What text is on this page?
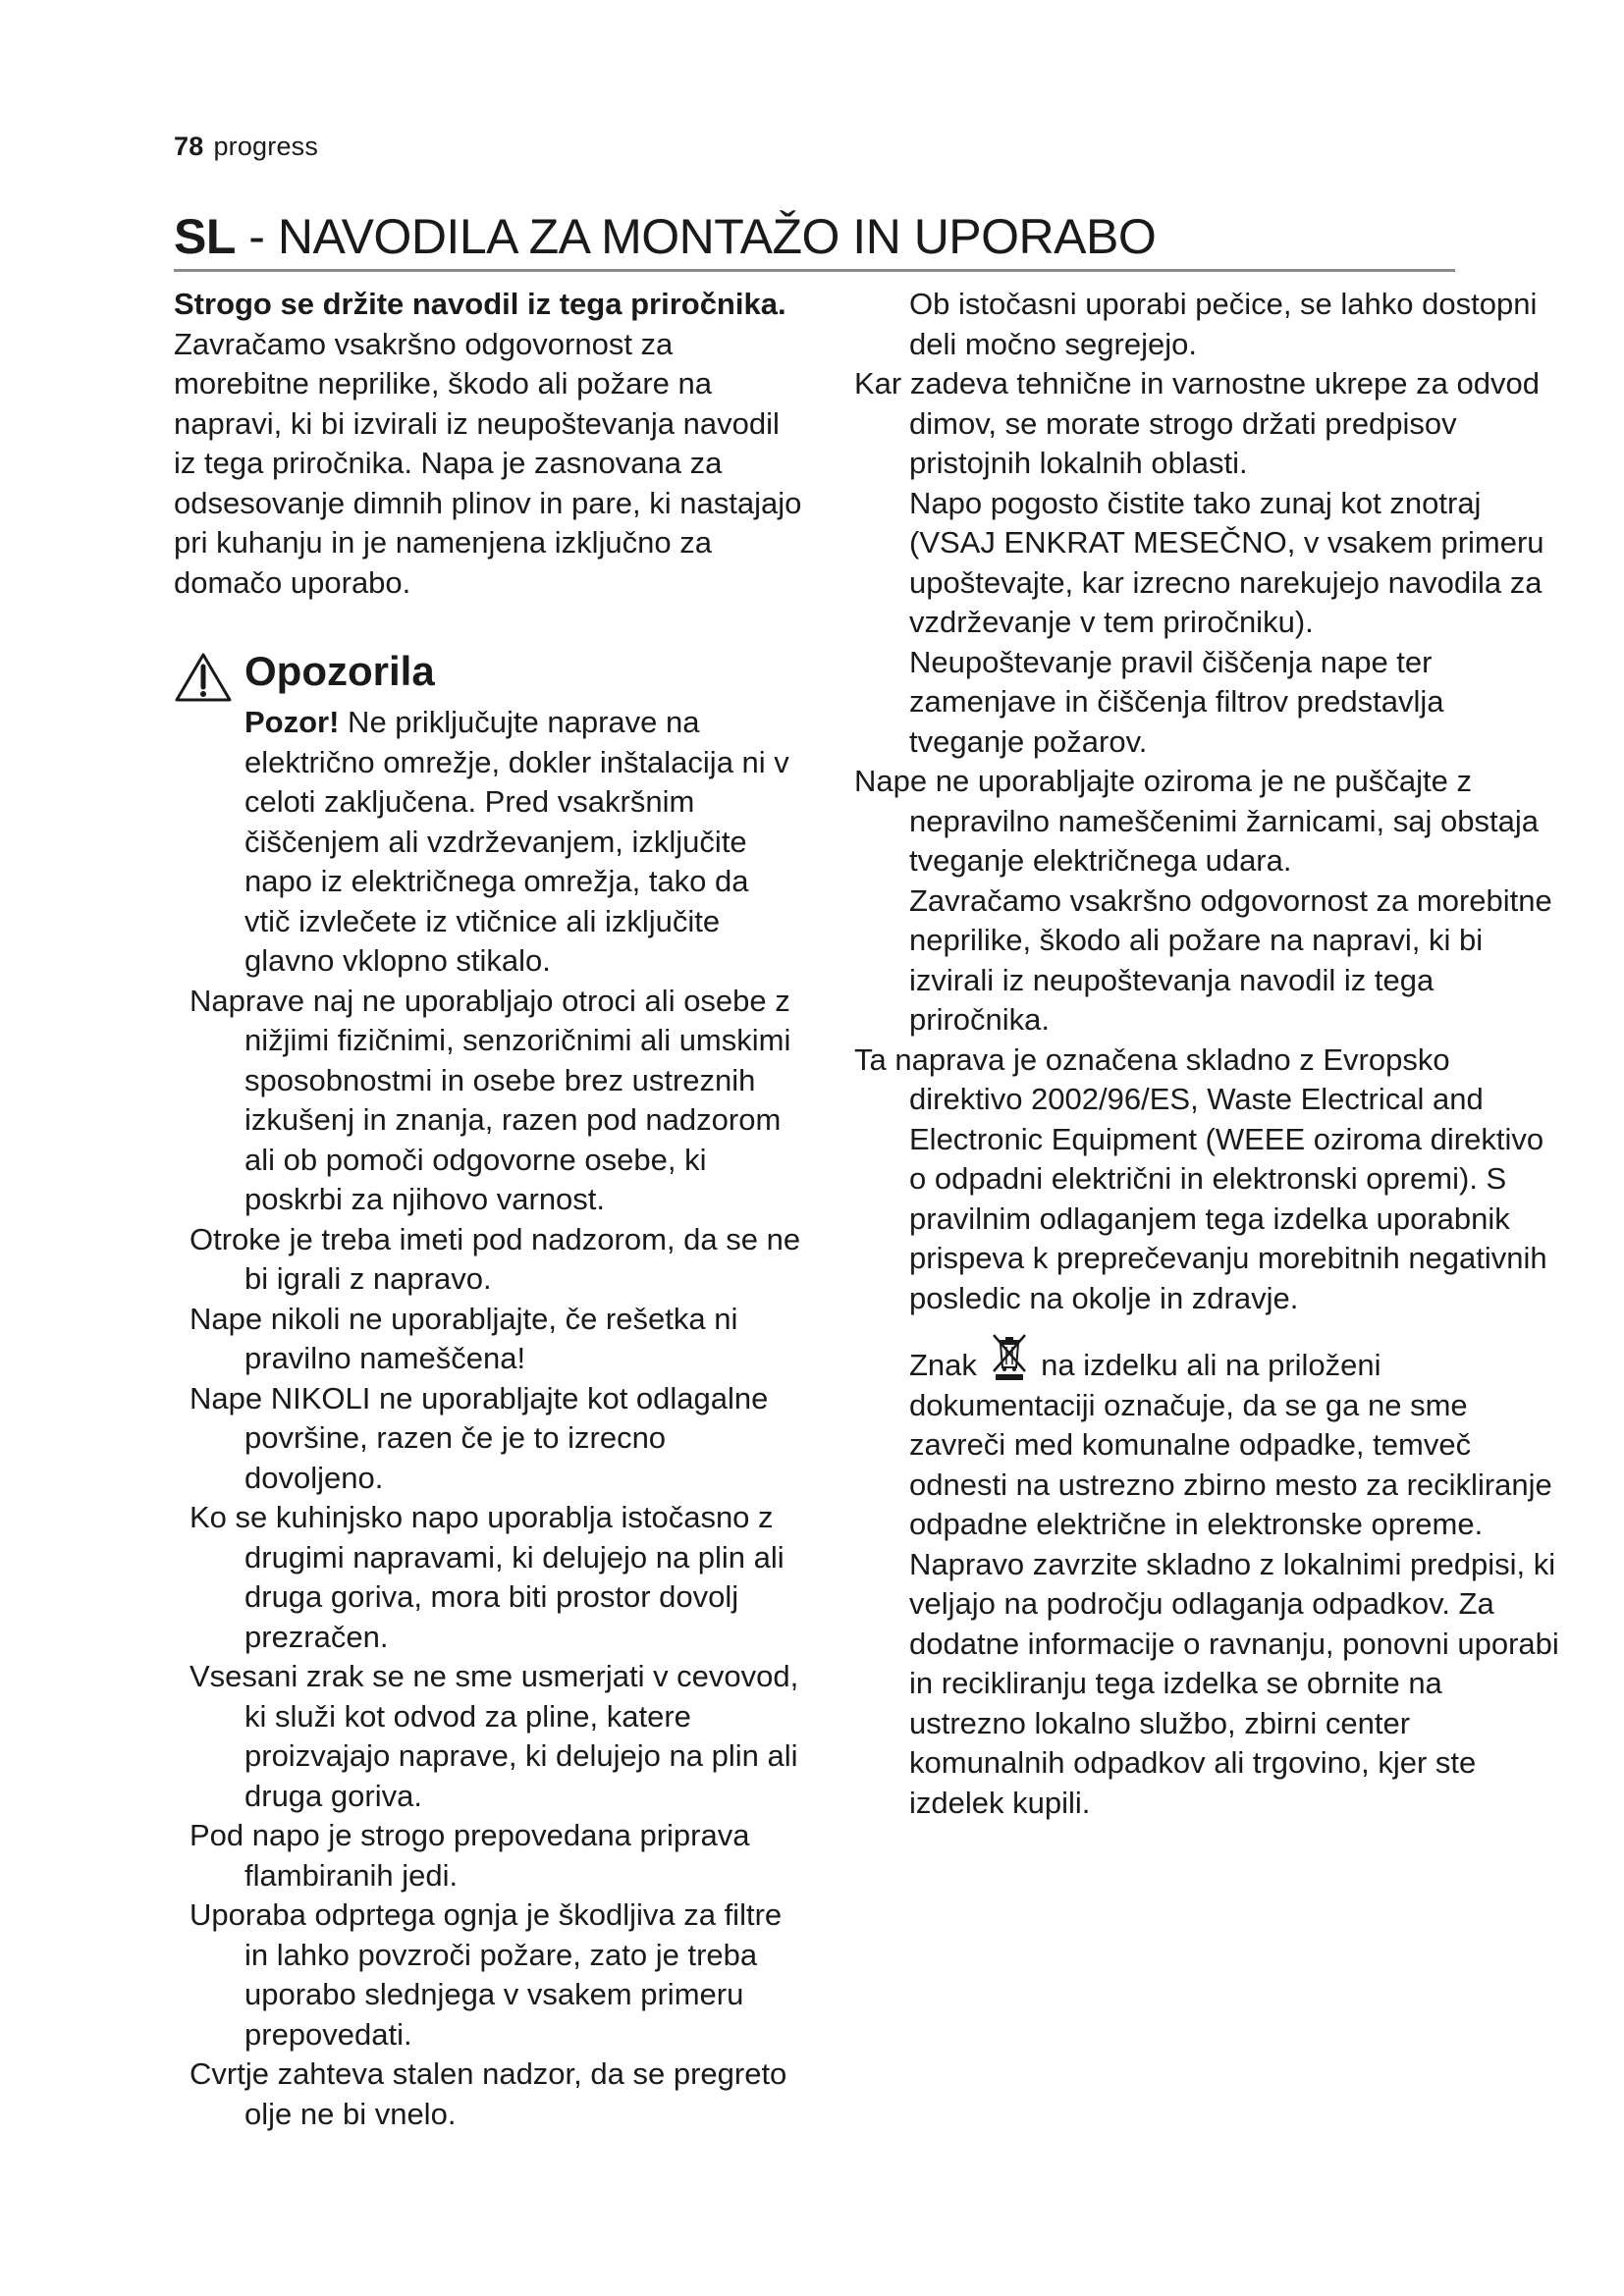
78 progress
SL - NAVODILA ZA MONTAŽO IN UPORABO

Strogo se držite navodil iz tega priročnika. Zavračamo vsakršno odgovornost za morebitne neprilike, škodo ali požare na napravi, ki bi izvirali iz neupoštevanja navodil iz tega priročnika. Napa je zasnovana za odsesovanje dimnih plinov in pare, ki nastajajo pri kuhanju in je namenjena izključno za domačo uporabo.

Opozorila

Pozor! Ne priključujte naprave na električno omrežje, dokler inštalacija ni v celoti zaključena. Pred vsakršnim čiščenjem ali vzdrževanjem, izključite napo iz električnega omrežja, tako da vtič izvlečete iz vtičnice ali izključite glavno vklopno stikalo.

Naprave naj ne uporabljajo otroci ali osebe z nižjimi fizičnimi, senzoričnimi ali umskimi sposobnostmi in osebe brez ustreznih izkušenj in znanja, razen pod nadzorom ali ob pomoči odgovorne osebe, ki poskrbi za njihovo varnost.

Otroke je treba imeti pod nadzorom, da se ne bi igrali z napravo.

Nape nikoli ne uporabljajte, če rešetka ni pravilno nameščena!

Nape NIKOLI ne uporabljajte kot odlagalne površine, razen če je to izrecno dovoljeno.

Ko se kuhinjsko napo uporablja istočasno z drugimi napravami, ki delujejo na plin ali druga goriva, mora biti prostor dovolj prezračen.

Vsesani zrak se ne sme usmerjati v cevovod, ki služi kot odvod za pline, katere proizvajajo naprave, ki delujejo na plin ali druga goriva.

Pod napo je strogo prepovedana priprava flambiranih jedi.

Uporaba odprtega ognja je škodljiva za filtre in lahko povzroči požare, zato je treba uporabo slednjega v vsakem primeru prepovedati.

Cvrtje zahteva stalen nadzor, da se pregreto olje ne bi vnelo.

Ob istočasni uporabi pečice, se lahko dostopni deli močno segrejejo.

Kar zadeva tehnične in varnostne ukrepe za odvod dimov, se morate strogo držati predpisov pristojnih lokalnih oblasti.

Napo pogosto čistite tako zunaj kot znotraj (VSAJ ENKRAT MESEČNO, v vsakem primeru upoštevajte, kar izrecno narekujejo navodila za vzdrževanje v tem priročniku).

Neupoštevanje pravil čiščenja nape ter zamenjave in čiščenja filtrov predstavlja tveganje požarov.

Nape ne uporabljajte oziroma je ne puščajte z nepravilno nameščenimi žarnicami, saj obstaja tveganje električnega udara.

Zavračamo vsakršno odgovornost za morebitne neprilike, škodo ali požare na napravi, ki bi izvirali iz neupoštevanja navodil iz tega priročnika.

Ta naprava je označena skladno z Evropsko direktivo 2002/96/ES, Waste Electrical and Electronic Equipment (WEEE oziroma direktivo o odpadni električni in elektronski opremi). S pravilnim odlaganjem tega izdelka uporabnik prispeva k preprečevanju morebitnih negativnih posledic na okolje in zdravje.

Znak na izdelku ali na priloženi dokumentaciji označuje, da se ga ne sme zavreči med komunalne odpadke, temveč odnesti na ustrezno zbirno mesto za recikliranje odpadne električne in elektronske opreme. Napravo zavrzite skladno z lokalnimi predpisi, ki veljajo na področju odlaganja odpadkov. Za dodatne informacije o ravnanju, ponovni uporabi in recikliranju tega izdelka se obrnite na ustrezno lokalno službo, zbirni center komunalnih odpadkov ali trgovino, kjer ste izdelek kupili.
